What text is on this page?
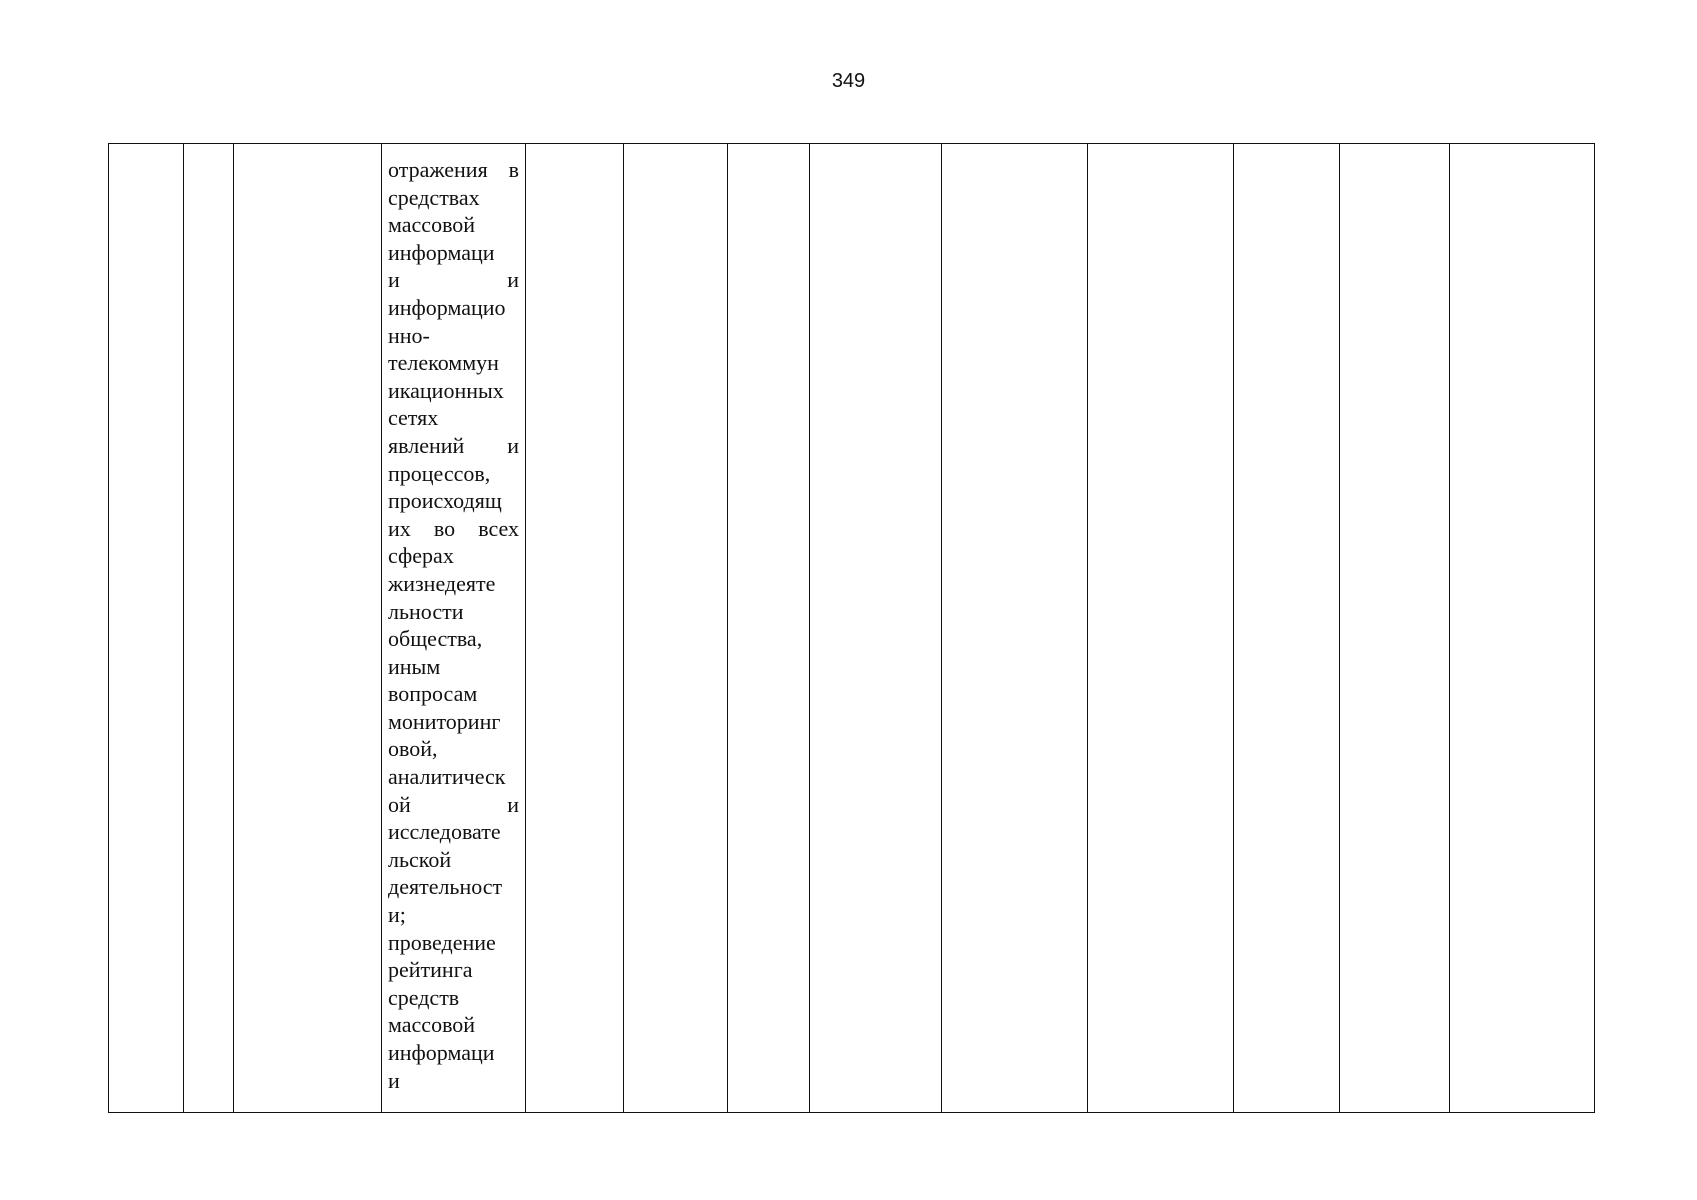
349

отражения в
средствах
массовой
информаци
и	и
информацио
нно-
телекоммун
икационных
сетях
явлений и
процессов,
происходящ
их во всех
сферах
жизнедеяте
льности
общества,
иным
вопросам
мониторинг
овой,
аналитическ
ой	и
исследовате
льской
деятельност
и;
проведение
рейтинга
средств
массовой
информаци
и
